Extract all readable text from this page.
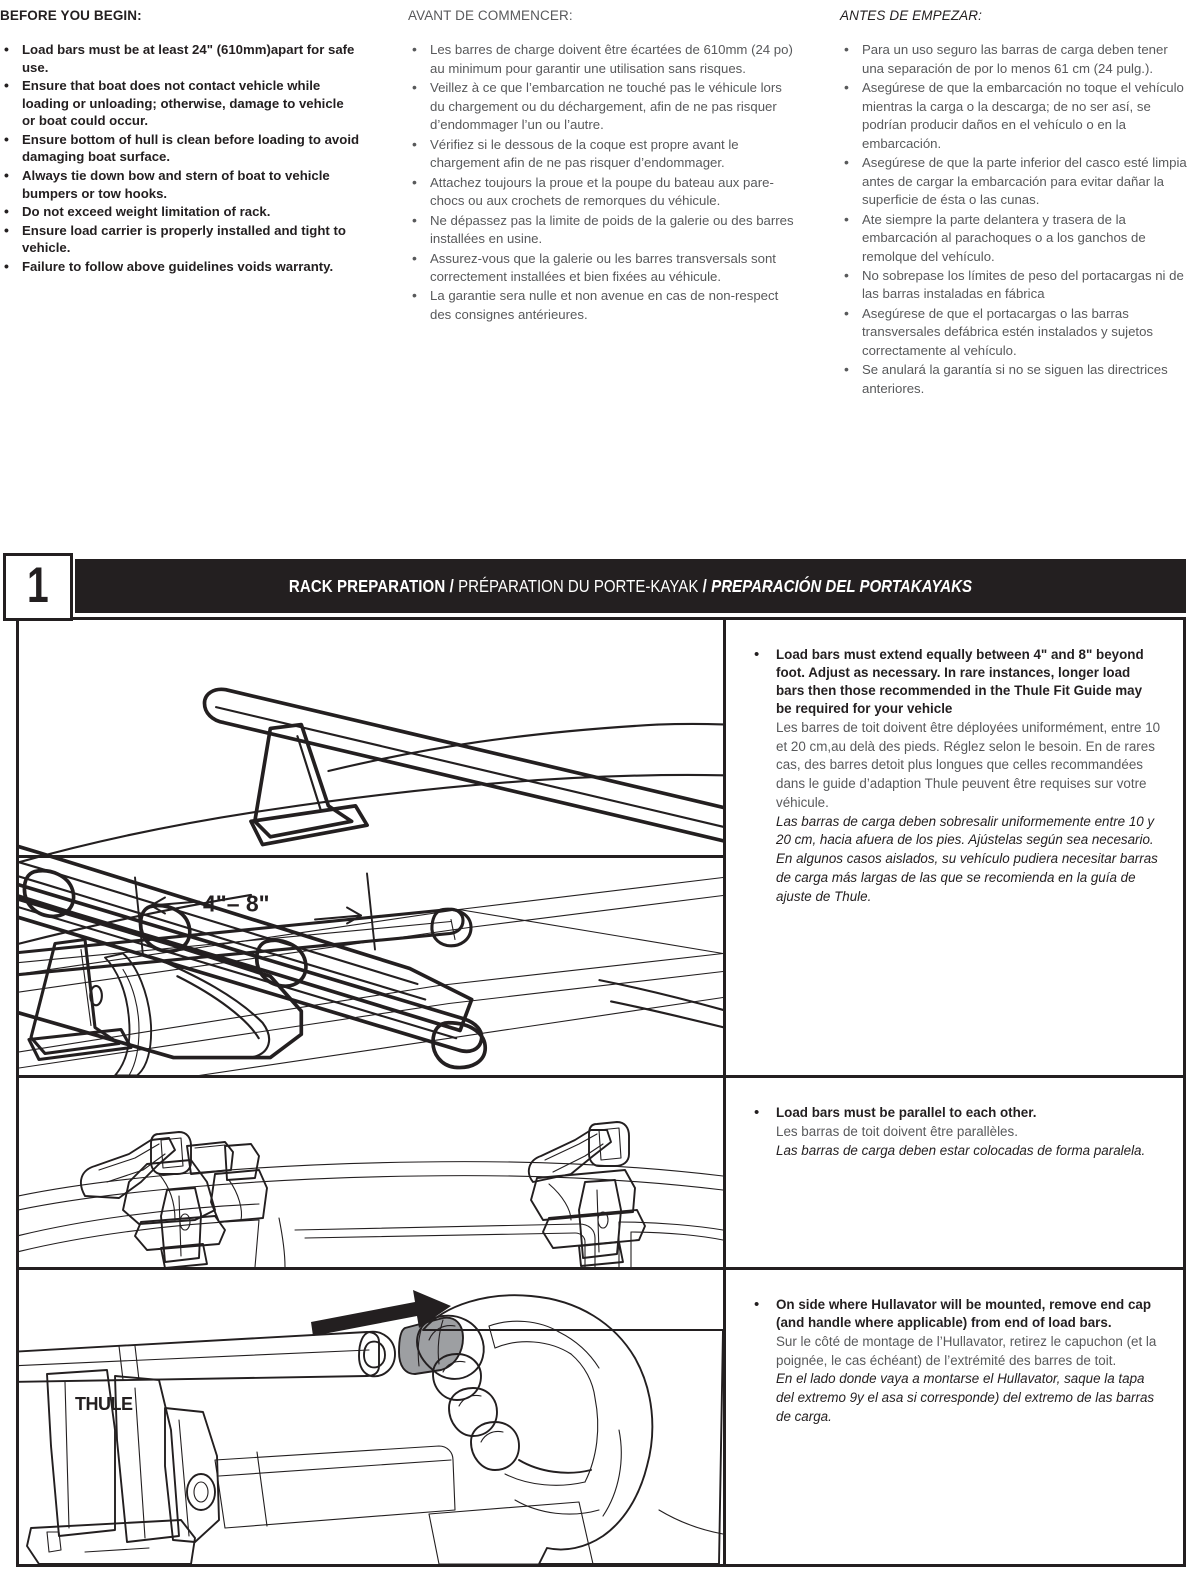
BEFORE YOU BEGIN:
• Load bars must be at least 24" (610mm)apart for safe use.
• Ensure that boat does not contact vehicle while loading or unloading; otherwise, damage to vehicle or boat could occur.
• Ensure bottom of hull is clean before loading to avoid damaging boat surface.
• Always tie down bow and stern of boat to vehicle bumpers or tow hooks.
• Do not exceed weight limitation of rack.
• Ensure load carrier is properly installed and tight to vehicle.
• Failure to follow above guidelines voids warranty.
AVANT DE COMMENCER:
• Les barres de charge doivent être écartées de 610mm (24 po) au minimum pour garantir une utilisation sans risques.
• Veillez à ce que l’embarcation ne touché pas le véhicule lors du chargement ou du déchargement, afin de ne pas risquer d’endommager l’un ou l’autre.
• Vérifiez si le dessous de la coque est propre avant le chargement afin de ne pas risquer d’endommager.
• Attachez toujours la proue et la poupe du bateau aux pare-chocs ou aux crochets de remorques du véhicule.
• Ne dépassez pas la limite de poids de la galerie ou des barres installées en usine.
• Assurez-vous que la galerie ou les barres transversals sont correctement installées et bien fixées au véhicule.
• La garantie sera nulle et non avenue en cas de non-respect des consignes antérieures.
ANTES DE EMPEZAR:
• Para un uso seguro las barras de carga deben tener una separación de por lo menos 61 cm (24 pulg.).
• Asegúrese de que la embarcación no toque el vehículo mientras la carga o la descarga; de no ser así, se podrían producir daños en el vehículo o en la embarcación.
• Asegúrese de que la parte inferior del casco esté limpia antes de cargar la embarcación para evitar dañar la superficie de ésta o las cunas.
• Ate siempre la parte delantera y trasera de la embarcación al parachoques o a los ganchos de remolque del vehículo.
• No sobrepase los límites de peso del portacargas ni de las barras instaladas en fábrica
• Asegúrese de que el portacargas o las barras transversales defábrica estén instalados y sujetos correctamente al vehículo.
• Se anulará la garantía si no se siguen las directrices anteriores.
RACK PREPARATION / PRÉPARATION DU PORTE-KAYAK / PREPARACIÓN DEL PORTAKAYAKS
1
4"– 8"
• Load bars must extend equally between 4" and 8" beyond foot. Adjust as necessary. In rare instances, longer load bars then those recommended in the Thule Fit Guide may be required for your vehicle

Les barres de toit doivent être déployées uniformément, entre 10 et 20 cm,au delà des pieds. Réglez selon le besoin. En de rares cas, des barres detoit plus longues que celles recommandées dans le guide d’adaption Thule peuvent être requises sur votre véhicule.

Las barras de carga deben sobresalir uniformemente entre 10 y 20 cm, hacia afuera de los pies. Ajústelas según sea necesario. En algunos casos aislados, su vehículo pudiera necesitar barras de carga más largas de las que se recomienda en la guía de ajuste de Thule.

• Load bars must be parallel to each other.

Les barras de toit doivent être parallèles.

Las barras de carga deben estar colocadas de forma paralela.

THULE
• On side where Hullavator will be mounted, remove end cap (and handle where applicable) from end of load bars.

Sur le côté de montage de l’Hullavator, retirez le capuchon (et la poignée, le cas échéant) de l’extrémité des barres de toit.

En el lado donde vaya a montarse el Hullavator, saque la tapa del extremo 9y el asa si corresponde) del extremo de las barras de carga.
